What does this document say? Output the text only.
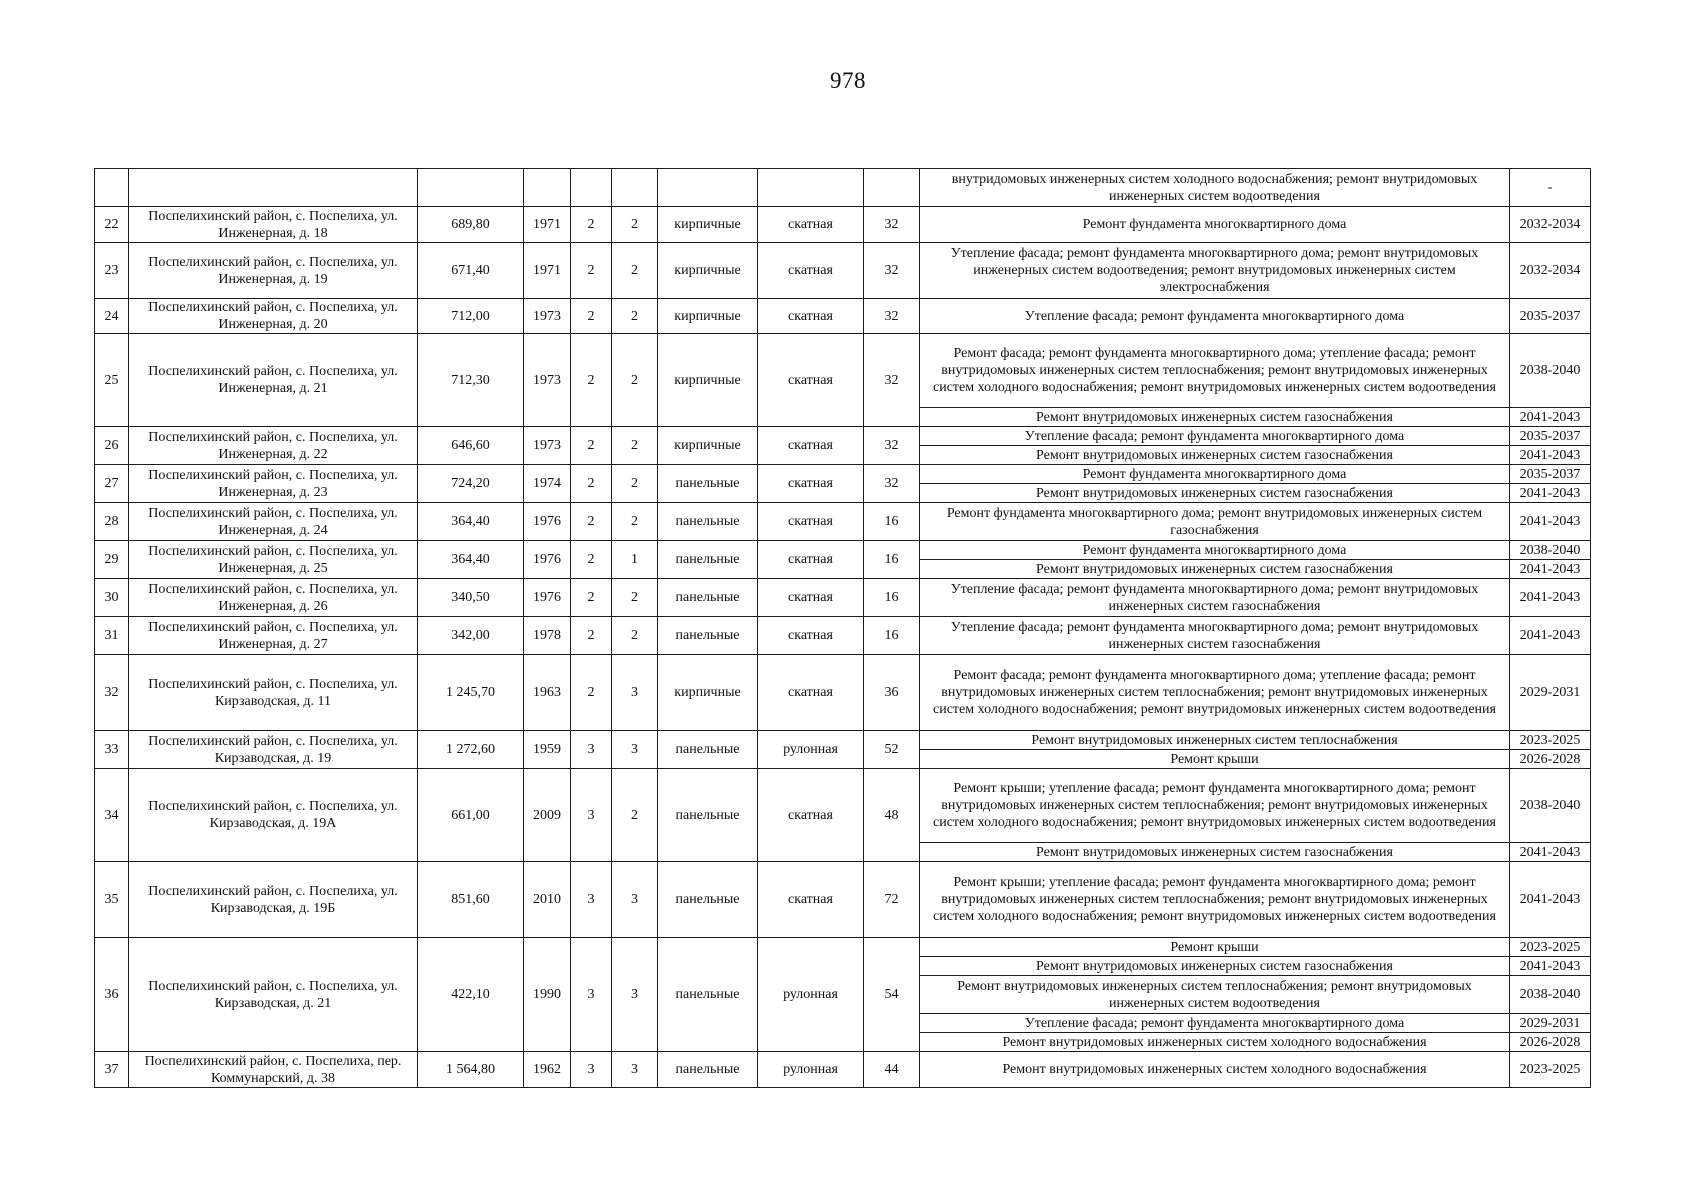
978
									внутридомовых инженерных систем холодного водоснабжения; ремонт внутридомовых инженерных систем водоотведения	-
22	Поспелихинский район, с. Поспелиха, ул. Инженерная, д. 18	689,80	1971	2	2	кирпичные	скатная	32	Ремонт фундамента многоквартирного дома	2032-2034
23	Поспелихинский район, с. Поспелиха, ул. Инженерная, д. 19	671,40	1971	2	2	кирпичные	скатная	32	Утепление фасада; ремонт фундамента многоквартирного дома; ремонт внутридомовых инженерных систем водоотведения; ремонт внутридомовых инженерных систем электроснабжения	2032-2034
24	Поспелихинский район, с. Поспелиха, ул. Инженерная, д. 20	712,00	1973	2	2	кирпичные	скатная	32	Утепление фасада; ремонт фундамента многоквартирного дома	2035-2037
25	Поспелихинский район, с. Поспелиха, ул. Инженерная, д. 21	712,30	1973	2	2	кирпичные	скатная	32	Ремонт фасада; ремонт фундамента многоквартирного дома; утепление фасада; ремонт внутридомовых инженерных систем теплоснабжения; ремонт внутридомовых инженерных систем холодного водоснабжения; ремонт внутридомовых инженерных систем водоотведения	2038-2040
									Ремонт внутридомовых инженерных систем газоснабжения	2041-2043
26	Поспелихинский район, с. Поспелиха, ул. Инженерная, д. 22	646,60	1973	2	2	кирпичные	скатная	32	Утепление фасада; ремонт фундамента многоквартирного дома	2035-2037
									Ремонт внутридомовых инженерных систем газоснабжения	2041-2043
27	Поспелихинский район, с. Поспелиха, ул. Инженерная, д. 23	724,20	1974	2	2	панельные	скатная	32	Ремонт фундамента многоквартирного дома	2035-2037
									Ремонт внутридомовых инженерных систем газоснабжения	2041-2043
28	Поспелихинский район, с. Поспелиха, ул. Инженерная, д. 24	364,40	1976	2	2	панельные	скатная	16	Ремонт фундамента многоквартирного дома; ремонт внутридомовых инженерных систем газоснабжения	2041-2043
29	Поспелихинский район, с. Поспелиха, ул. Инженерная, д. 25	364,40	1976	2	1	панельные	скатная	16	Ремонт фундамента многоквартирного дома	2038-2040
									Ремонт внутридомовых инженерных систем газоснабжения	2041-2043
30	Поспелихинский район, с. Поспелиха, ул. Инженерная, д. 26	340,50	1976	2	2	панельные	скатная	16	Утепление фасада; ремонт фундамента многоквартирного дома; ремонт внутридомовых инженерных систем газоснабжения	2041-2043
31	Поспелихинский район, с. Поспелиха, ул. Инженерная, д. 27	342,00	1978	2	2	панельные	скатная	16	Утепление фасада; ремонт фундамента многоквартирного дома; ремонт внутридомовых инженерных систем газоснабжения	2041-2043
32	Поспелихинский район, с. Поспелиха, ул. Кирзаводская, д. 11	1 245,70	1963	2	3	кирпичные	скатная	36	Ремонт фасада; ремонт фундамента многоквартирного дома; утепление фасада; ремонт внутридомовых инженерных систем теплоснабжения; ремонт внутридомовых инженерных систем холодного водоснабжения; ремонт внутридомовых инженерных систем водоотведения	2029-2031
33	Поспелихинский район, с. Поспелиха, ул. Кирзаводская, д. 19	1 272,60	1959	3	3	панельные	рулонная	52	Ремонт внутридомовых инженерных систем теплоснабжения	2023-2025
									Ремонт крыши	2026-2028
34	Поспелихинский район, с. Поспелиха, ул. Кирзаводская, д. 19А	661,00	2009	3	2	панельные	скатная	48	Ремонт крыши; утепление фасада; ремонт фундамента многоквартирного дома; ремонт внутридомовых инженерных систем теплоснабжения; ремонт внутридомовых инженерных систем холодного водоснабжения; ремонт внутридомовых инженерных систем водоотведения	2038-2040
									Ремонт внутридомовых инженерных систем газоснабжения	2041-2043
35	Поспелихинский район, с. Поспелиха, ул. Кирзаводская, д. 19Б	851,60	2010	3	3	панельные	скатная	72	Ремонт крыши; утепление фасада; ремонт фундамента многоквартирного дома; ремонт внутридомовых инженерных систем теплоснабжения; ремонт внутридомовых инженерных систем холодного водоснабжения; ремонт внутридомовых инженерных систем водоотведения	2041-2043
36	Поспелихинский район, с. Поспелиха, ул. Кирзаводская, д. 21	422,10	1990	3	3	панельные	рулонная	54	Ремонт крыши	2023-2025
									Ремонт внутридомовых инженерных систем газоснабжения	2041-2043
									Ремонт внутридомовых инженерных систем теплоснабжения; ремонт внутридомовых инженерных систем водоотведения	2038-2040
									Утепление фасада; ремонт фундамента многоквартирного дома	2029-2031
									Ремонт внутридомовых инженерных систем холодного водоснабжения	2026-2028
37	Поспелихинский район, с. Поспелиха, пер. Коммунарский, д. 38	1 564,80	1962	3	3	панельные	рулонная	44	Ремонт внутридомовых инженерных систем холодного водоснабжения	2023-2025
